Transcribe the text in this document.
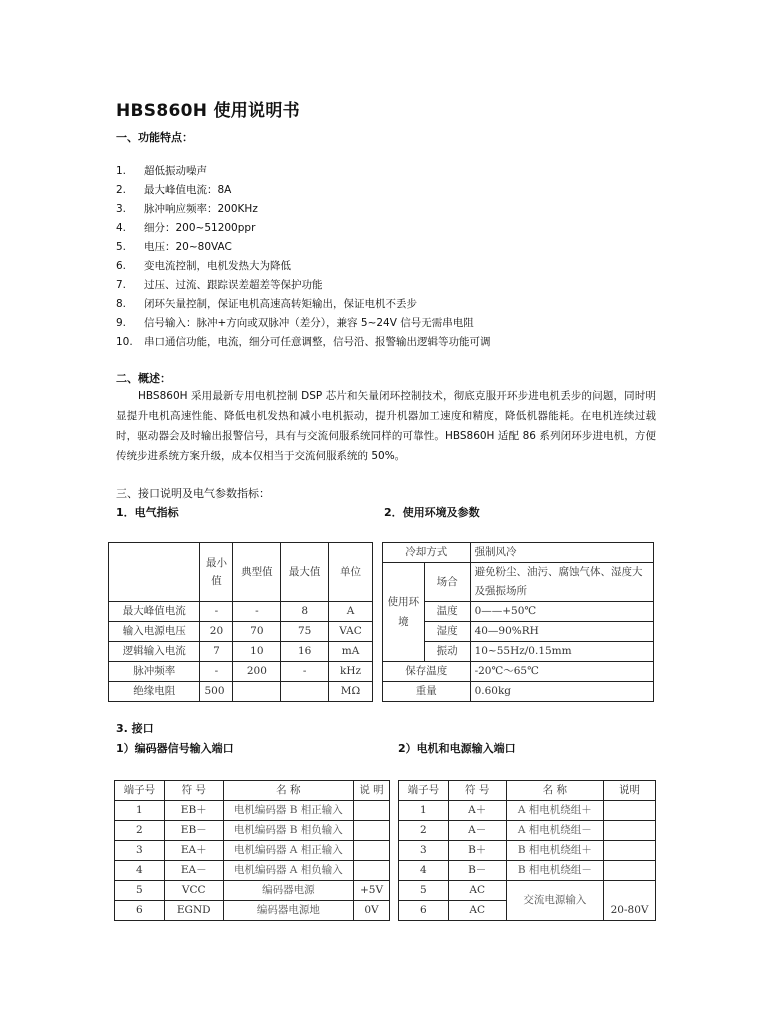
HBS860H 使用说明书
一、功能特点：
1.	超低振动噪声
2.	最大峰值电流：8A
3.	脉冲响应频率：200KHz
4.	细分：200~51200ppr
5.	电压：20~80VAC
6.	变电流控制，电机发热大为降低
7.	过压、过流、跟踪误差超差等保护功能
8.	闭环矢量控制，保证电机高速高转矩输出，保证电机不丢步
9.	信号输入：脉冲+方向或双脉冲（差分），兼容 5~24V 信号无需串电阻
10.	串口通信功能，电流，细分可任意调整，信号沿、报警输出逻辑等功能可调
二、概述：

HBS860H 采用最新专用电机控制 DSP 芯片和矢量闭环控制技术，彻底克服开环步进电机丢步的问题，同时明显提升电机高速性能、降低电机发热和减小电机振动，提升机器加工速度和精度，降低机器能耗。在电机连续过载时，驱动器会及时输出报警信号，具有与交流伺服系统同样的可靠性。HBS860H 适配 86 系列闭环步进电机，方便传统步进系统方案升级，成本仅相当于交流伺服系统的 50%。

三、接口说明及电气参数指标：
1．电气指标	2．使用环境及参数
	最小值	典型值	最大值	单位
最大峰值电流	-	-	8	A
输入电源电压	20	70	75	VAC
逻辑输入电流	7	10	16	mA
脉冲频率	-	200	-	kHz
绝缘电阻	500			MΩ
冷却方式		强制风冷
使用环境	场合	避免粉尘、油污、腐蚀气体、湿度大及强振场所
	温度	0——+50℃
	湿度	40—90%RH
	振动	10~55Hz/0.15mm
保存温度		-20℃～65℃
重量		0.60kg
3. 接口
1）编码器信号输入端口	2）电机和电源输入端口
端子号	符 号	名 称	说 明
1	EB＋	电机编码器 B 相正输入	
2	EB－	电机编码器 B 相负输入	
3	EA＋	电机编码器 A 相正输入	
4	EA－	电机编码器 A 相负输入	
5	VCC	编码器电源	+5V
6	EGND	编码器电源地	0V
端子号	符 号	名 称	说明
1	A＋	A 相电机绕组＋	
2	A－	A 相电机绕组－	
3	B＋	B 相电机绕组＋	
4	B－	B 相电机绕组－	
5	AC	交流电源输入	20-80V
6	AC		
